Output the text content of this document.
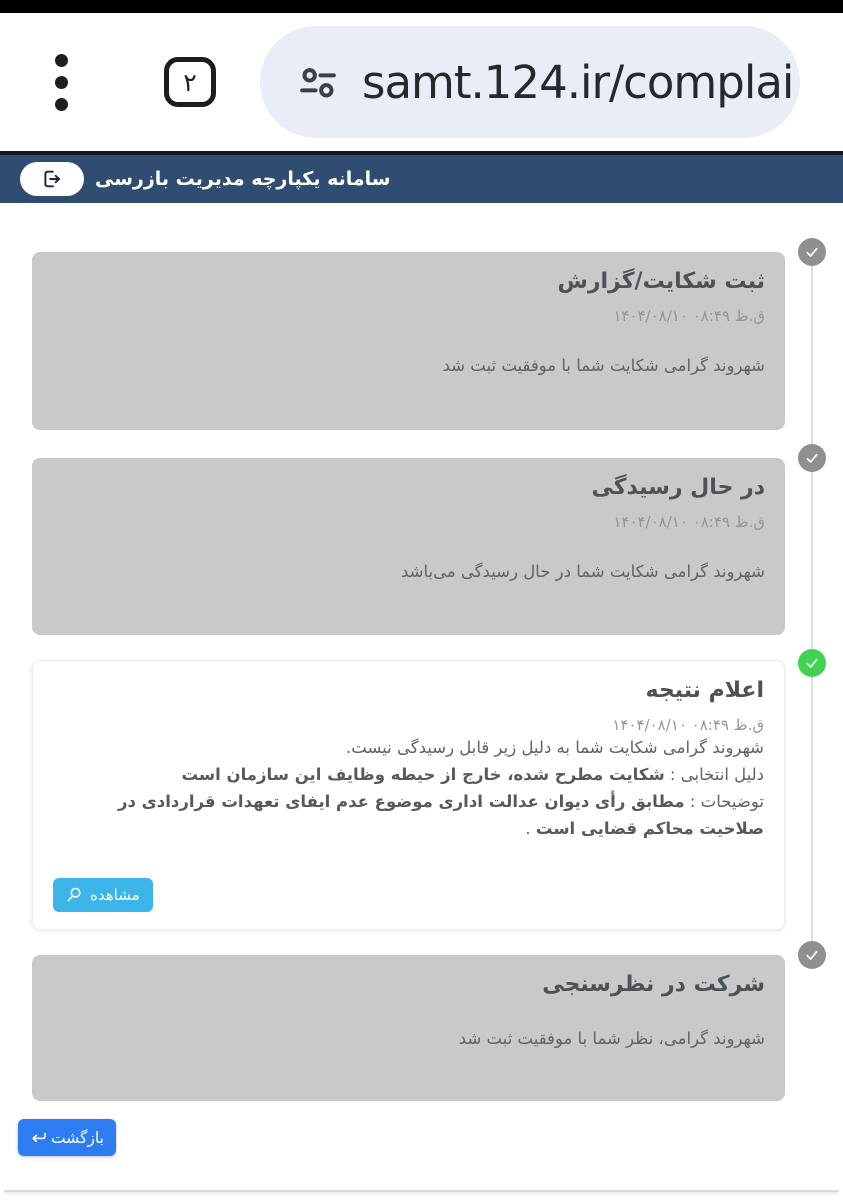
۲	samt.124.ir/complai
سامانه یکپارچه مدیریت بازرسی
ثبت شکایت/گزارش
۱۴۰۴/۰۸/۱۰ ۰۸:۴۹ ق.ظ
شهروند گرامی شکایت شما با موفقیت ثبت شد
در حال رسیدگی
۱۴۰۴/۰۸/۱۰ ۰۸:۴۹ ق.ظ
شهروند گرامی شکایت شما در حال رسیدگی می‌باشد
اعلام نتیجه
۱۴۰۴/۰۸/۱۰ ۰۸:۴۹ ق.ظ
شهروند گرامی شکایت شما به دلیل زیر قابل رسیدگی نیست.
دلیل انتخابی : شکایت مطرح شده، خارج از حیطه وظایف این سازمان است
توضیحات : مطابق رأی دیوان عدالت اداری موضوع عدم ایفای تعهدات قراردادی در صلاحیت محاکم قضایی است .
مشاهده
شرکت در نظرسنجی
شهروند گرامی، نظر شما با موفقیت ثبت شد
بازگشت
